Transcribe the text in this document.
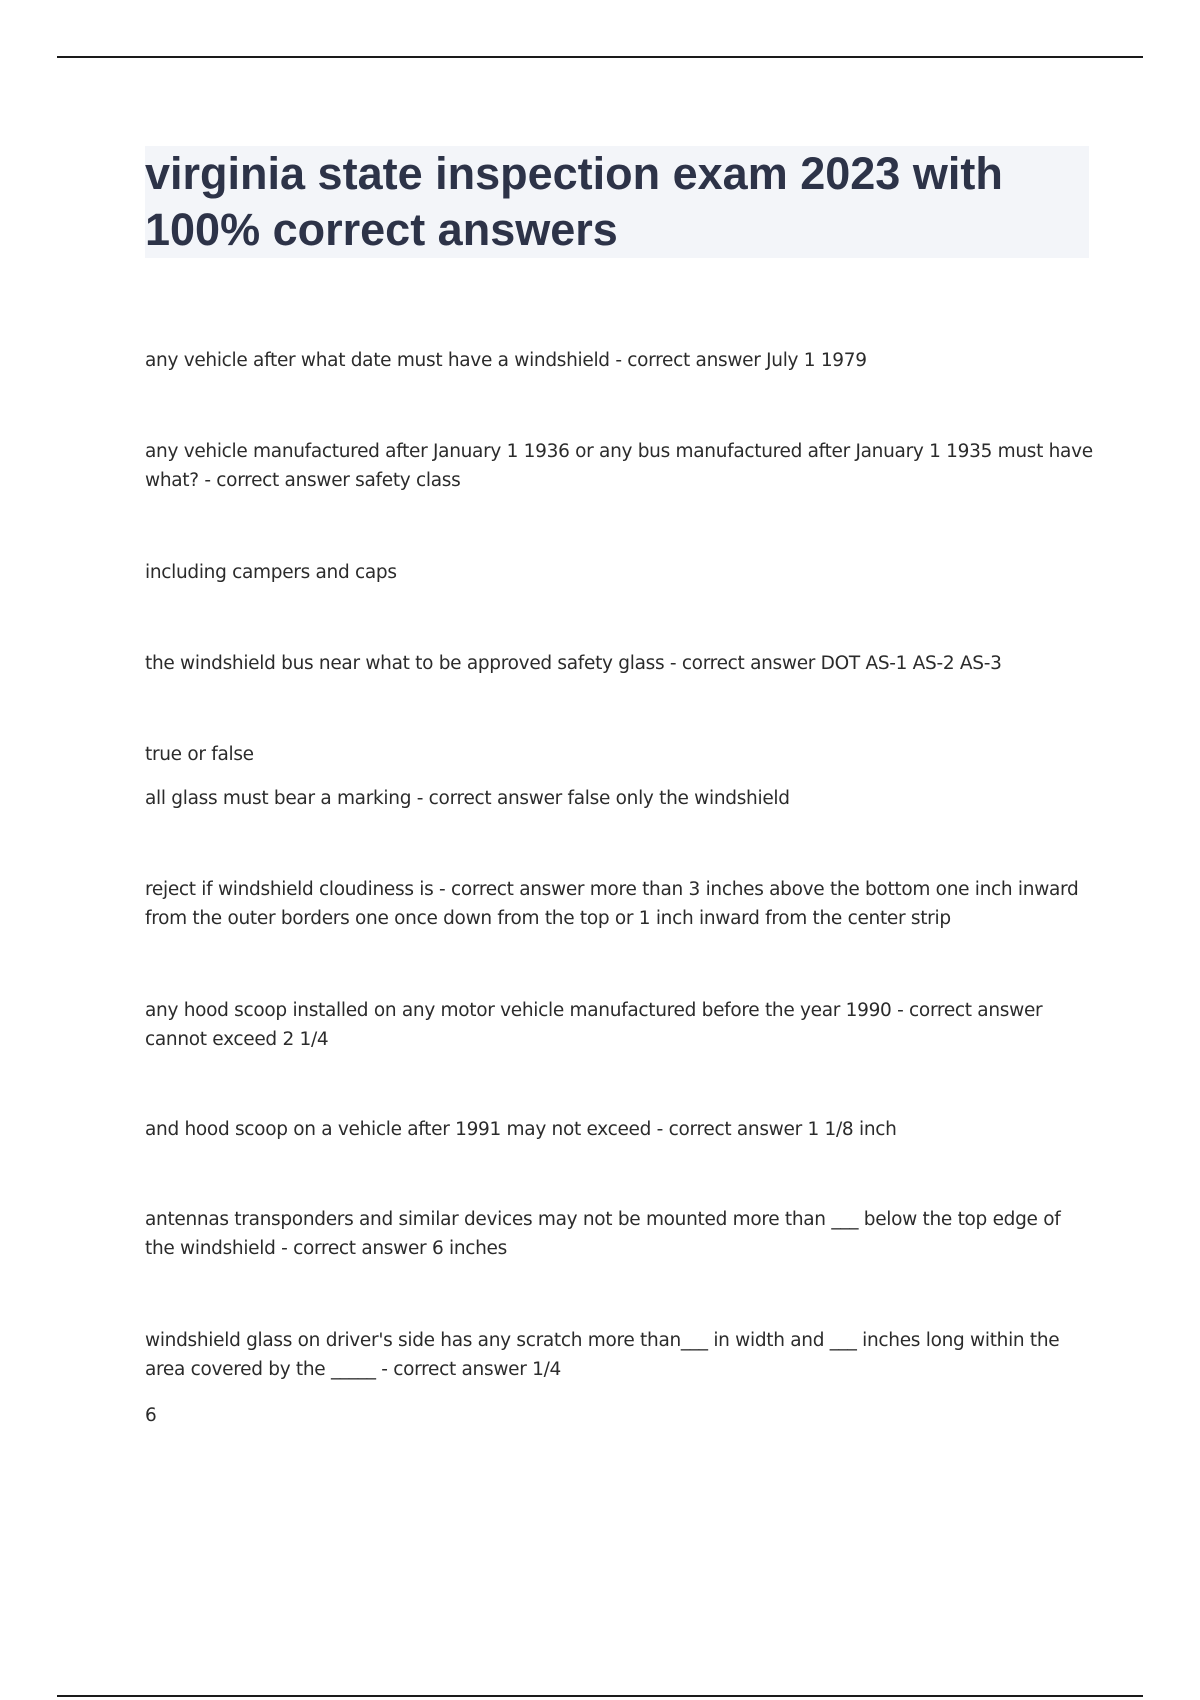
virginia state inspection exam 2023 with 100% correct answers
any vehicle after what date must have a windshield - correct answer July 1 1979
any vehicle manufactured after January 1 1936 or any bus manufactured after January 1 1935 must have what? - correct answer safety class
including campers and caps
the windshield bus near what to be approved safety glass - correct answer DOT AS-1 AS-2 AS-3
true or false
all glass must bear a marking - correct answer false only the windshield
reject if windshield cloudiness is - correct answer more than 3 inches above the bottom one inch inward from the outer borders one once down from the top or 1 inch inward from the center strip
any hood scoop installed on any motor vehicle manufactured before the year 1990 - correct answer cannot exceed 2 1/4
and hood scoop on a vehicle after 1991 may not exceed - correct answer 1 1/8 inch
antennas transponders and similar devices may not be mounted more than ___ below the top edge of the windshield - correct answer 6 inches
windshield glass on driver's side has any scratch more than___ in width and ___ inches long within the area covered by the _____ - correct answer 1/4
6
